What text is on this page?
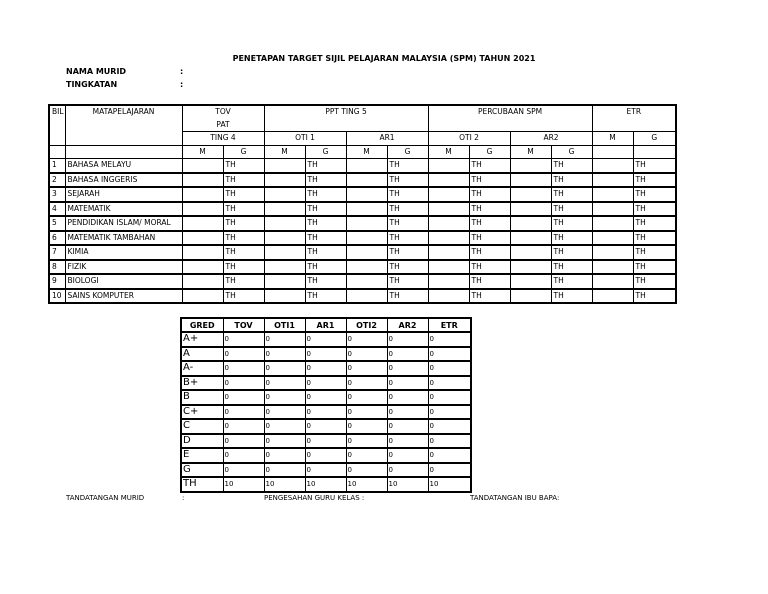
PENETAPAN TARGET SIJIL PELAJARAN MALAYSIA (SPM) TAHUN 2021
NAMA MURID	:
TINGKATAN	:
BIL	MATAPELAJARAN	TOV		PPT TING 5				PERCUBAAN SPM				ETR	
		PAT											
		TING 4		OTI 1		AR1		OTI 2		AR2		M	G
		M	G	M	G	M	G	M	G	M	G		
1	BAHASA MELAYU		TH		TH		TH		TH		TH		TH
2	BAHASA INGGERIS		TH		TH		TH		TH		TH		TH
3	SEJARAH		TH		TH		TH		TH		TH		TH
4	MATEMATIK		TH		TH		TH		TH		TH		TH
5	PENDIDIKAN ISLAM/ MORAL		TH		TH		TH		TH		TH		TH
6	MATEMATIK TAMBAHAN		TH		TH		TH		TH		TH		TH
7	KIMIA		TH		TH		TH		TH		TH		TH
8	FIZIK		TH		TH		TH		TH		TH		TH
9	BIOLOGI		TH		TH		TH		TH		TH		TH
10	SAINS KOMPUTER		TH		TH		TH		TH		TH		TH
GRED	TOV	OTI1	AR1	OTI2	AR2	ETR
A+	0	0	0	0	0	0
A	0	0	0	0	0	0
A-	0	0	0	0	0	0
B+	0	0	0	0	0	0
B	0	0	0	0	0	0
C+	0	0	0	0	0	0
C	0	0	0	0	0	0
D	0	0	0	0	0	0
E	0	0	0	0	0	0
G	0	0	0	0	0	0
TH	10	10	10	10	10	10
TANDATANGAN MURID	:	PENGESAHAN GURU KELAS :	TANDATANGAN IBU BAPA:
